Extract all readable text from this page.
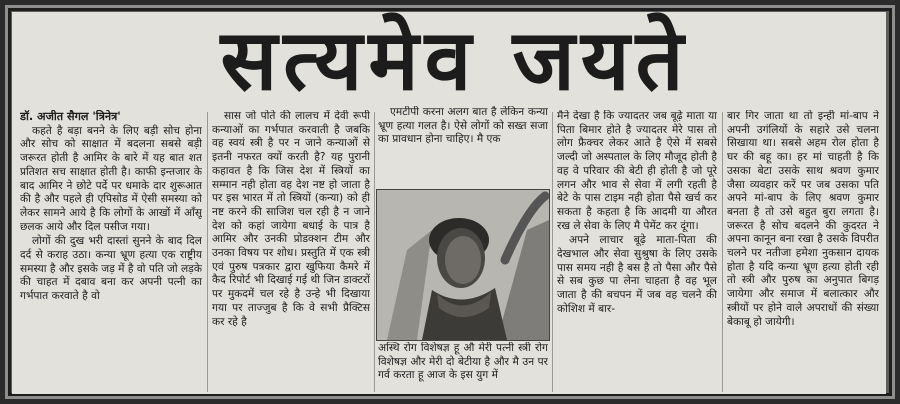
सत्यमेव जयते
डॉ. अजीत सैगल 'त्रिनेत्र'

कहते है बड़ा बनने के लिए बड़ी सोच होना और सोच को साक्षात में बदलना सबसे बड़ी जरूरत होती है आमिर के बारे में यह बात शत प्रतिशत सच साक्षात होती है। काफी इन्तजार के बाद आमिर ने छोटे पर्दे पर धमाके दार शुरूआत की है और पहले ही एपिसोड में ऐसी समस्या को लेकर सामने आये है कि लोगों के आखों में आँसू छलक आये और दिल पसीज गया।

लोगों की दुख भरी दास्तां सुनने के बाद दिल दर्द से कराह उठा। कन्या भ्रूण हत्या एक राष्ट्रीय समस्या है और इसके जड़ में है वो पति जो लड़के की चाहत में दबाव बना कर अपनी पत्नी का गर्भपात करवाते है वो

सास जो पोते की लालच में देवी रूपी कन्याओं का गर्भपात करवाती है जबकि वह स्वयं स्त्री है पर न जाने कन्याओं से इतनी नफरत क्यों करती है? यह पुरानी कहावत है कि जिस देश में स्त्रियों का सम्मान नही होता वह देश नष्ट हो जाता है पर इस भारत में तो स्त्रियों (कन्या) को ही नष्ट करने की साजिश चल रही है न जाने देश को कहां जायेगा बधाई के पात्र है आमिर और उनकी प्रोडक्शन टीम और उनका विषय पर शोध। प्रस्तुति में एक स्त्री एवं पुरुष पत्रकार द्वारा खुफिया कैमरे में कैद रिपोर्ट भी दिखाई गई थी जिन डाक्टरों पर मुकदमें चल रहे है उन्हे भी दिखाया गया पर ताज्जुब है कि वे सभी प्रैक्टिस कर रहे है

एमटीपी करना अलग बात है लेकिन कन्या भ्रूण हत्या गलत है। ऐसे लोगों को सख्त सजा का प्रावधान होना चाहिए। मै एक

अस्थि रोग विशेषज्ञ हू औ मेरी पत्नी स्त्री रोग विशेषज्ञ और मेरी दो बेटीया है और मै उन पर गर्व करता हू आज के इस युग में

मैने देखा है कि ज्यादतर जब बूढ़े माता या पिता बिमार होते है ज्यादतर मेरे पास तो लोग फ्रैक्चर लेकर आते है ऐसे में सबसे जल्दी जो अस्पताल के लिए मौजूद होती है वह वे परिवार की बेटी ही होती है जो पूरे लगन और भाव से सेवा में लगी रहती है बेटे के पास टाइम नही होता पैसे खर्च कर सकता है कहता है कि आदमी या औरत रख ले सेवा के लिए मै पेमेंट कर दूंगा।

अपने लाचार बूढ़े माता-पिता की देखभाल और सेवा सुश्रुषा के लिए उसके पास समय नही है बस है तो पैसा और पैसे से सब कुछ पा लेना चाहता है वह भूल जाता है की बचपन में जब वह चलने की कोशिश में बार-

बार गिर जाता था तो इन्ही मां-बाप ने अपनी उगंलियों के सहारे उसे चलना सिखाया था। सबसे अहम रोल होता है घर की बहू का। हर मां चाहती है कि उसका बेटा उसके साथ श्रवण कुमार जैसा व्यवहार करें पर जब उसका पति अपने मां-बाप के लिए श्रवण कुमार बनता है तो उसे बहुत बुरा लगता है। जरूरत है सोच बदलने की कुदरत ने अपना कानून बना रखा है उसके विपरीत चलने पर नतीजा हमेशा नुकसान दायक होता है यदि कन्या भ्रूण हत्या होती रही तो स्त्री और पुरुष का अनुपात बिगड़ जायेगा और समाज में बलात्कार और स्त्रीयों पर होने वाले अपराधों की संख्या बेकाबू हो जायेगी।
